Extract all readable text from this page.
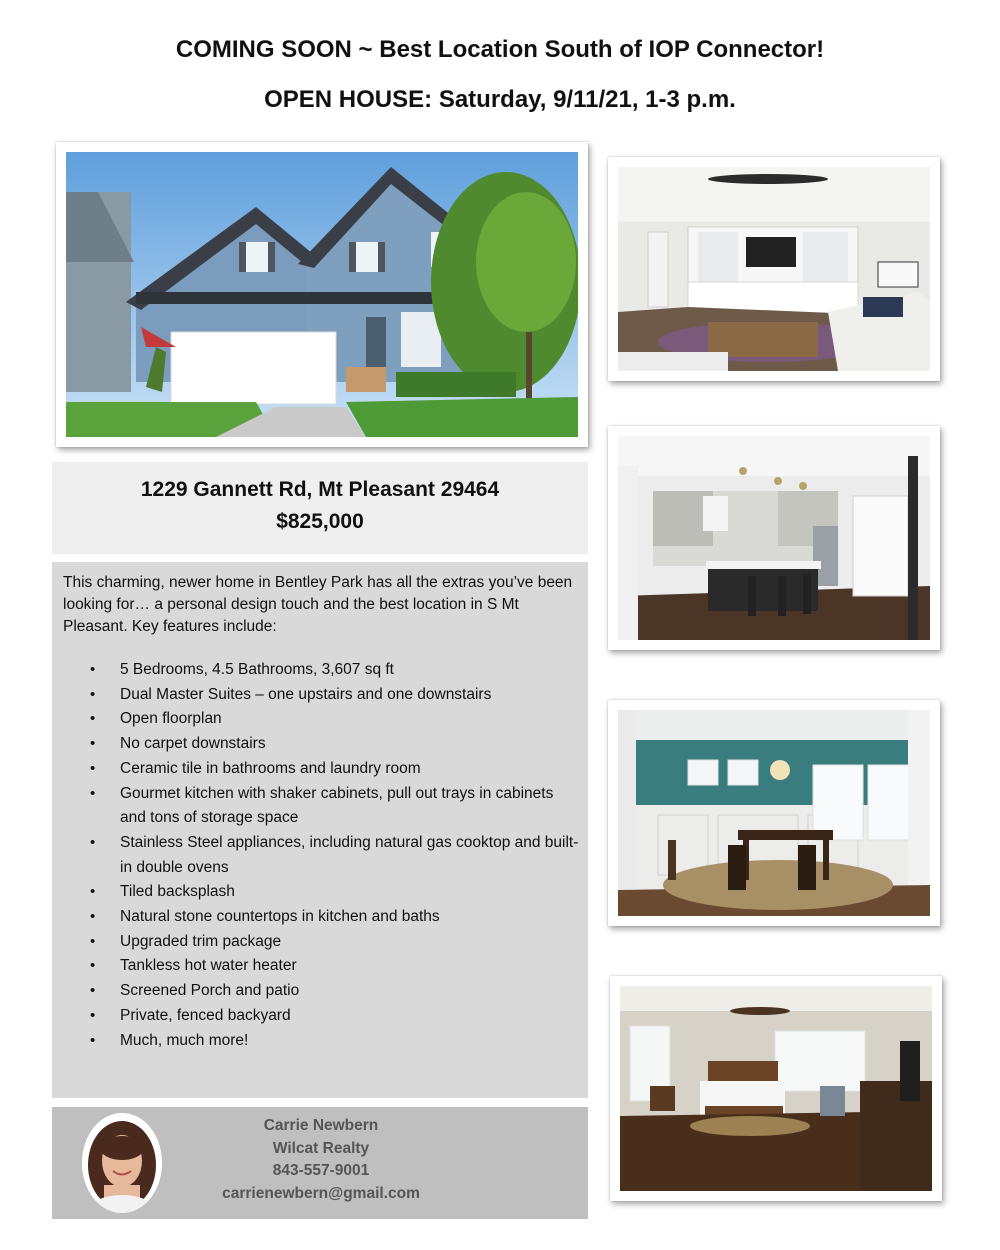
COMING SOON ~ Best Location South of IOP Connector!
OPEN HOUSE: Saturday, 9/11/21, 1-3 p.m.
1229 Gannett Rd, Mt Pleasant 29464
$825,000
This charming, newer home in Bentley Park has all the extras you’ve been looking for… a personal design touch and the best location in S Mt Pleasant. Key features include:
• 5 Bedrooms, 4.5 Bathrooms, 3,607 sq ft
• Dual Master Suites – one upstairs and one downstairs
• Open floorplan
• No carpet downstairs
• Ceramic tile in bathrooms and laundry room
• Gourmet kitchen with shaker cabinets, pull out trays in cabinets and tons of storage space
• Stainless Steel appliances, including natural gas cooktop and built-in double ovens
• Tiled backsplash
• Natural stone countertops in kitchen and baths
• Upgraded trim package
• Tankless hot water heater
• Screened Porch and patio
• Private, fenced backyard
• Much, much more!
Carrie Newbern
Wilcat Realty
843-557-9001
carrienewbern@gmail.com
